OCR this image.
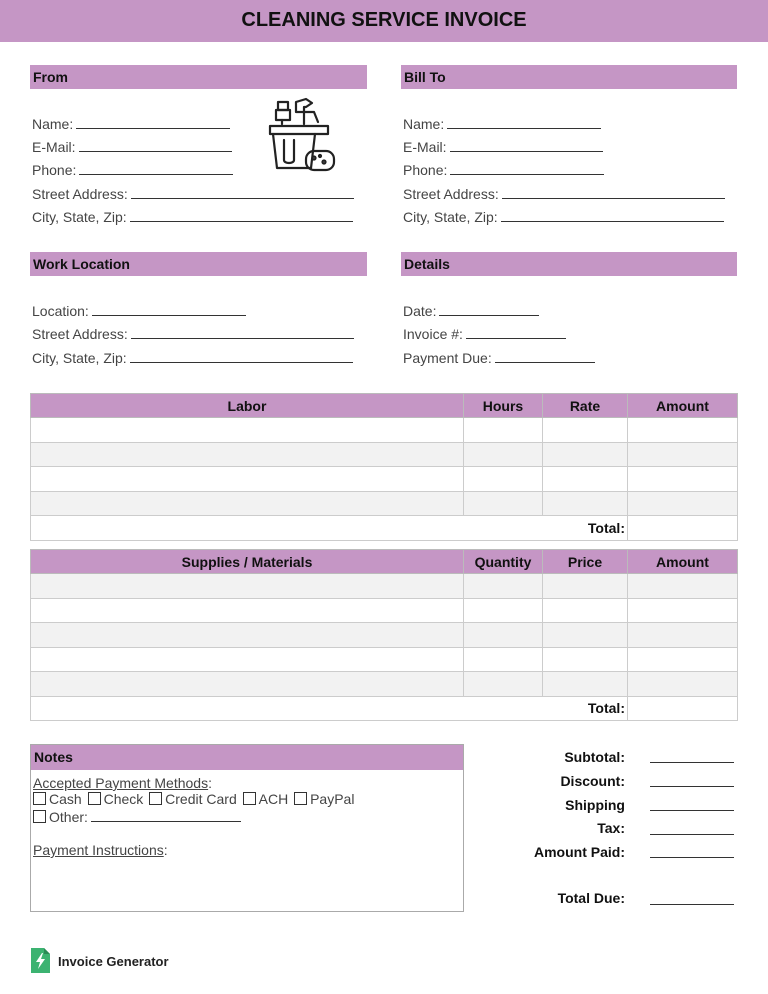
CLEANING SERVICE INVOICE
From
Name:
E-Mail:
Phone:
Street Address:
City, State, Zip:
Bill To
Name:
E-Mail:
Phone:
Street Address:
City, State, Zip:
Work Location
Location:
Street Address:
City, State, Zip:
Details
Date:
Invoice #:
Payment Due:
Labor	Hours	Rate	Amount

Total:			
Supplies / Materials	Quantity	Price	Amount

Total:			
Notes
Accepted Payment Methods:
Cash Check Credit Card ACH PayPal
Other:
Payment Instructions:
Subtotal:
Discount:
Shipping
Tax:
Amount Paid:
Total Due:
Invoice Generator
